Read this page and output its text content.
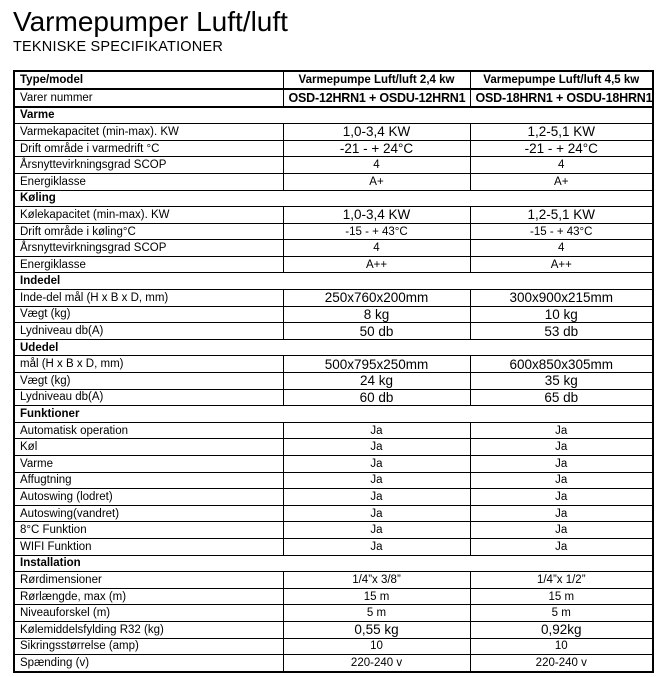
Varmepumper Luft/luft
TEKNISKE SPECIFIKATIONER
Type/model	Varmepumpe Luft/luft 2,4 kw	Varmepumpe Luft/luft 4,5 kw
Varer nummer	OSD-12HRN1 + OSDU-12HRN1	OSD-18HRN1 + OSDU-18HRN1
Varme		
Varmekapacitet (min-max). KW	1,0-3,4 KW	1,2-5,1 KW
Drift område i varmedrift °C	-21 - + 24°C	-21 - + 24°C
Årsnyttevirkningsgrad SCOP	4	4
Energiklasse	A+	A+
Køling		
Kølekapacitet (min-max). KW	1,0-3,4 KW	1,2-5,1 KW
Drift område i køling°C	-15 - + 43°C	-15 - + 43°C
Årsnyttevirkningsgrad SCOP	4	4
Energiklasse	A++	A++
Indedel		
Inde-del mål (H x B x D, mm)	250x760x200mm	300x900x215mm
Vægt (kg)	8 kg	10 kg
Lydniveau db(A)	50 db	53 db
Udedel		
mål (H x B x D, mm)	500x795x250mm	600x850x305mm
Vægt (kg)	24 kg	35 kg
Lydniveau db(A)	60 db	65 db
Funktioner		
Automatisk operation	Ja	Ja
Køl	Ja	Ja
Varme	Ja	Ja
Affugtning	Ja	Ja
Autoswing (lodret)	Ja	Ja
Autoswing(vandret)	Ja	Ja
8°C Funktion	Ja	Ja
WIFI Funktion	Ja	Ja
Installation		
Rørdimensioner	1/4”x 3/8”	1/4”x 1/2”
Rørlængde, max (m)	15 m	15 m
Niveauforskel (m)	5 m	5 m
Kølemiddelsfylding R32 (kg)	0,55 kg	0,92kg
Sikringsstørrelse (amp)	10	10
Spænding (v)	220-240 v	220-240 v
